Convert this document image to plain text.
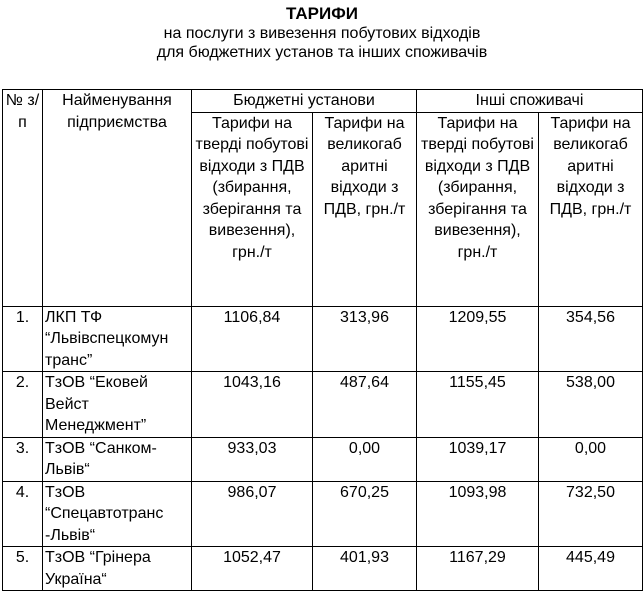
ТАРИФИ

на послуги з вивезення побутових відходів

для бюджетних установ та інших споживачів

№ з/п	Найменування підприємства	Бюджетні установи		Інші споживачі	
		Тарифи на тверді побутові відходи з ПДВ (збирання, зберігання та вивезення), грн./т	Тарифи на великогаб аритні відходи з ПДВ, грн./т	Тарифи на тверді побутові відходи з ПДВ (збирання, зберігання та вивезення), грн./т	Тарифи на великогаб аритні відходи з ПДВ, грн./т
1.	ЛКП ТФ “Львівспецкомун транс”	1106,84	313,96	1209,55	354,56
2.	ТзОВ “Ековей Вейст Менеджмент”	1043,16	487,64	1155,45	538,00
3.	ТзОВ “Санком-Львів“	933,03	0,00	1039,17	0,00
4.	ТзОВ “Спецавтотранс -Львів“	986,07	670,25	1093,98	732,50
5.	ТзОВ “Грінера Україна“	1052,47	401,93	1167,29	445,49
